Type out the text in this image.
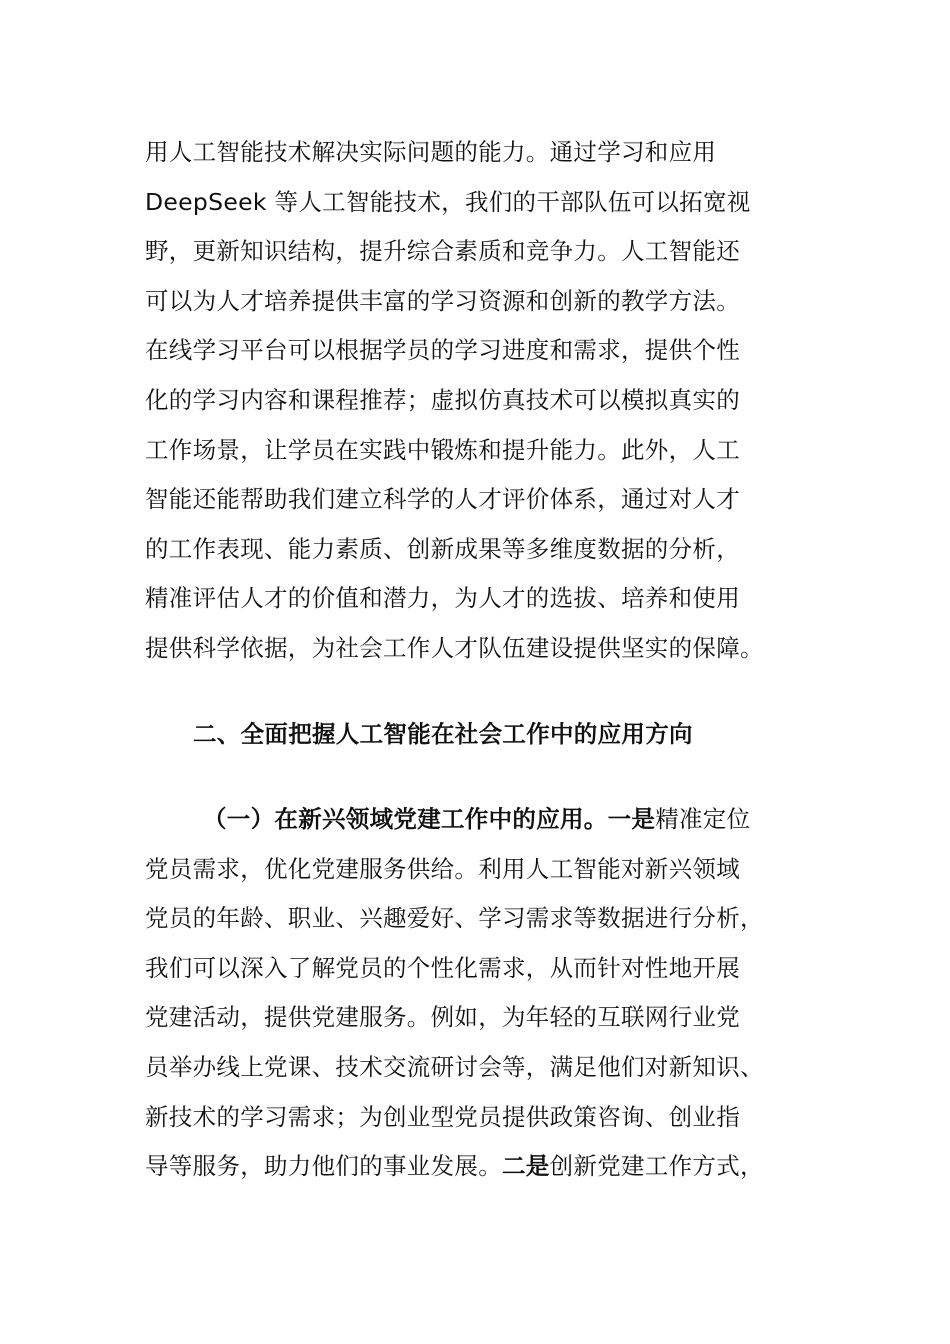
用人工智能技术解决实际问题的能力。通过学习和应用
DeepSeek 等人工智能技术，我们的干部队伍可以拓宽视
野，更新知识结构，提升综合素质和竞争力。人工智能还
可以为人才培养提供丰富的学习资源和创新的教学方法。
在线学习平台可以根据学员的学习进度和需求，提供个性
化的学习内容和课程推荐；虚拟仿真技术可以模拟真实的
工作场景，让学员在实践中锻炼和提升能力。此外，人工
智能还能帮助我们建立科学的人才评价体系，通过对人才
的工作表现、能力素质、创新成果等多维度数据的分析，
精准评估人才的价值和潜力，为人才的选拔、培养和使用
提供科学依据，为社会工作人才队伍建设提供坚实的保障。
二、全面把握人工智能在社会工作中的应用方向
（一）在新兴领域党建工作中的应用。一是精准定位
党员需求，优化党建服务供给。利用人工智能对新兴领域
党员的年龄、职业、兴趣爱好、学习需求等数据进行分析，
我们可以深入了解党员的个性化需求，从而针对性地开展
党建活动，提供党建服务。例如，为年轻的互联网行业党
员举办线上党课、技术交流研讨会等，满足他们对新知识、
新技术的学习需求；为创业型党员提供政策咨询、创业指
导等服务，助力他们的事业发展。二是创新党建工作方式，
